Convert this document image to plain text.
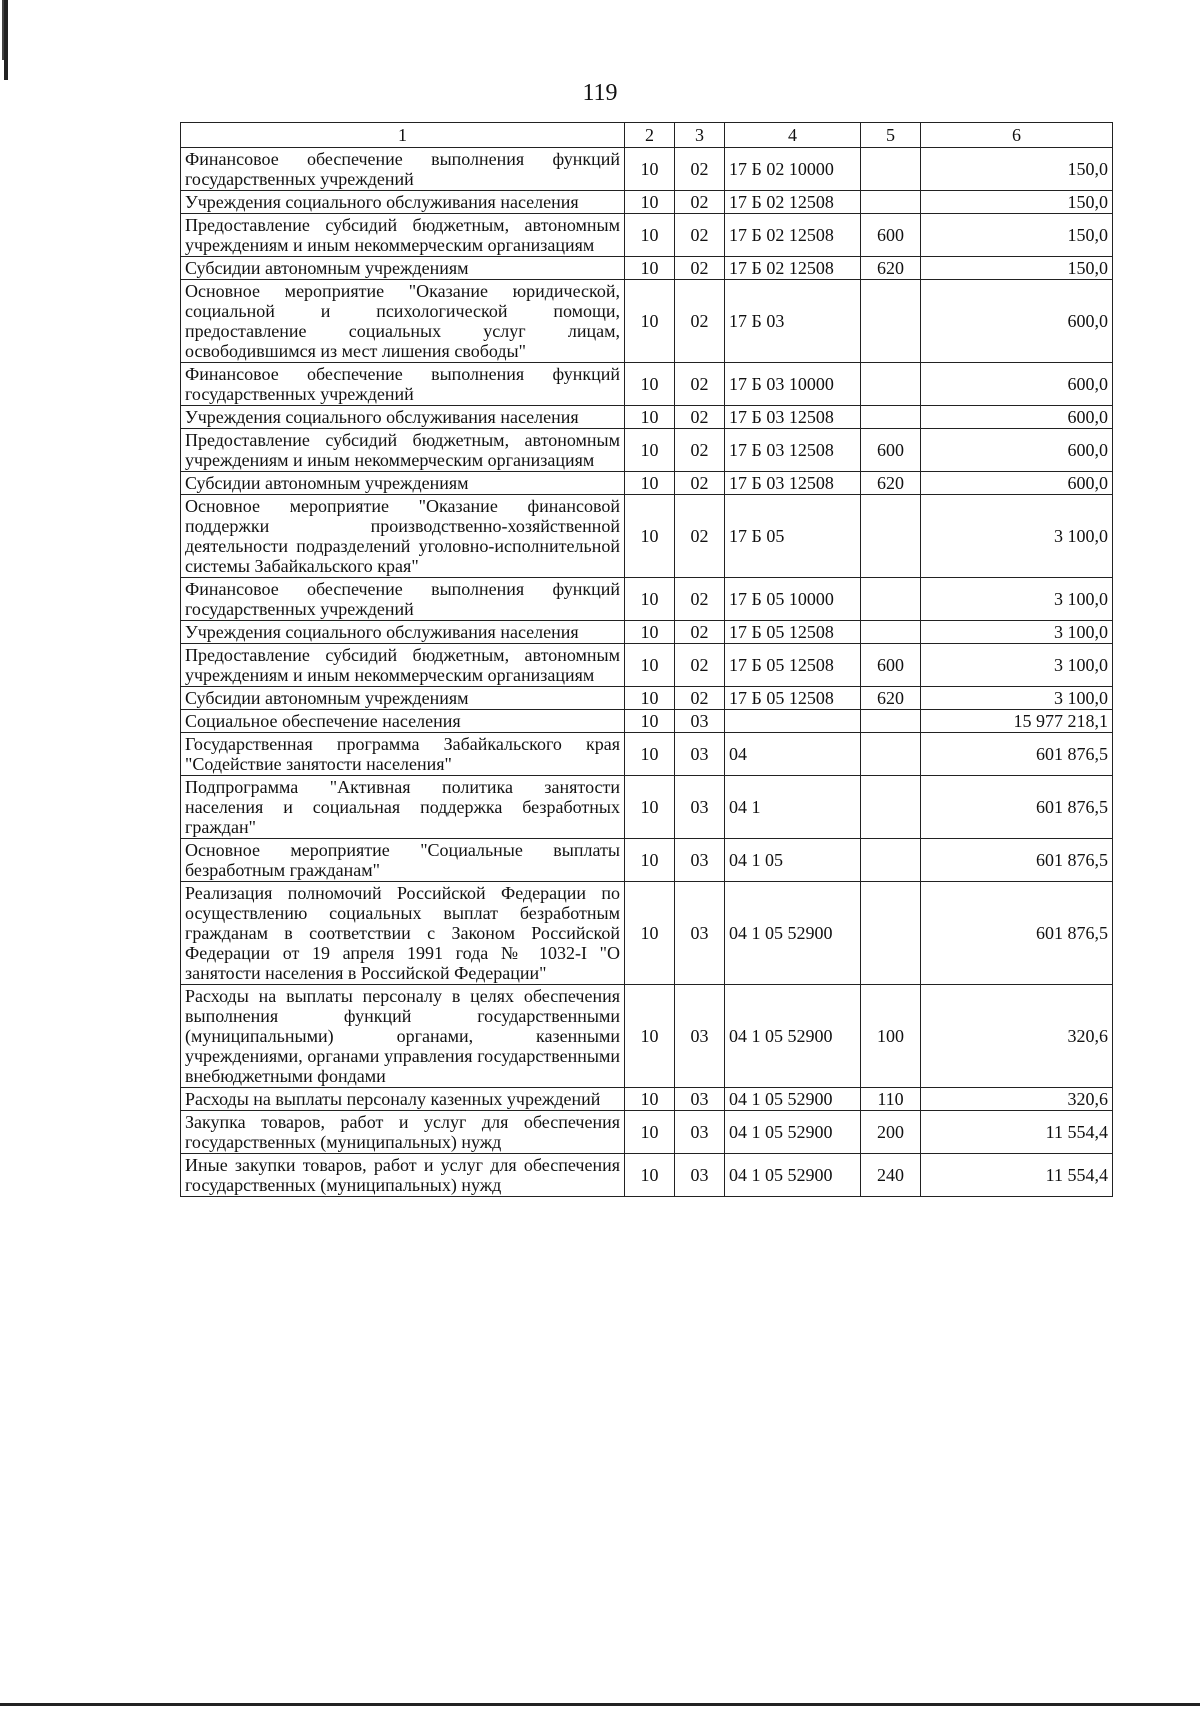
119
1	2	3	4	5	6
Финансовое обеспечение выполнения функций государственных учреждений	10	02	17 Б 02 10000		150,0
Учреждения социального обслуживания населения	10	02	17 Б 02 12508		150,0
Предоставление субсидий бюджетным, автономным учреждениям и иным некоммерческим организациям	10	02	17 Б 02 12508	600	150,0
Субсидии автономным учреждениям	10	02	17 Б 02 12508	620	150,0
Основное мероприятие "Оказание юридической, социальной и психологической помощи, предоставление социальных услуг лицам, освободившимся из мест лишения свободы"	10	02	17 Б 03		600,0
Финансовое обеспечение выполнения функций государственных учреждений	10	02	17 Б 03 10000		600,0
Учреждения социального обслуживания населения	10	02	17 Б 03 12508		600,0
Предоставление субсидий бюджетным, автономным учреждениям и иным некоммерческим организациям	10	02	17 Б 03 12508	600	600,0
Субсидии автономным учреждениям	10	02	17 Б 03 12508	620	600,0
Основное мероприятие "Оказание финансовой поддержки производственно-хозяйственной деятельности подразделений уголовно-исполнительной системы Забайкальского края"	10	02	17 Б 05		3 100,0
Финансовое обеспечение выполнения функций государственных учреждений	10	02	17 Б 05 10000		3 100,0
Учреждения социального обслуживания населения	10	02	17 Б 05 12508		3 100,0
Предоставление субсидий бюджетным, автономным учреждениям и иным некоммерческим организациям	10	02	17 Б 05 12508	600	3 100,0
Субсидии автономным учреждениям	10	02	17 Б 05 12508	620	3 100,0
Социальное обеспечение населения	10	03			15 977 218,1
Государственная программа Забайкальского края "Содействие занятости населения"	10	03	04		601 876,5
Подпрограмма "Активная политика занятости населения и социальная поддержка безработных граждан"	10	03	04 1		601 876,5
Основное мероприятие "Социальные выплаты безработным гражданам"	10	03	04 1 05		601 876,5
Реализация полномочий Российской Федерации по осуществлению социальных выплат безработным гражданам в соответствии с Законом Российской Федерации от 19 апреля 1991 года № 1032-I "О занятости населения в Российской Федерации"	10	03	04 1 05 52900		601 876,5
Расходы на выплаты персоналу в целях обеспечения выполнения функций государственными (муниципальными) органами, казенными учреждениями, органами управления государственными внебюджетными фондами	10	03	04 1 05 52900	100	320,6
Расходы на выплаты персоналу казенных учреждений	10	03	04 1 05 52900	110	320,6
Закупка товаров, работ и услуг для обеспечения государственных (муниципальных) нужд	10	03	04 1 05 52900	200	11 554,4
Иные закупки товаров, работ и услуг для обеспечения государственных (муниципальных) нужд	10	03	04 1 05 52900	240	11 554,4
